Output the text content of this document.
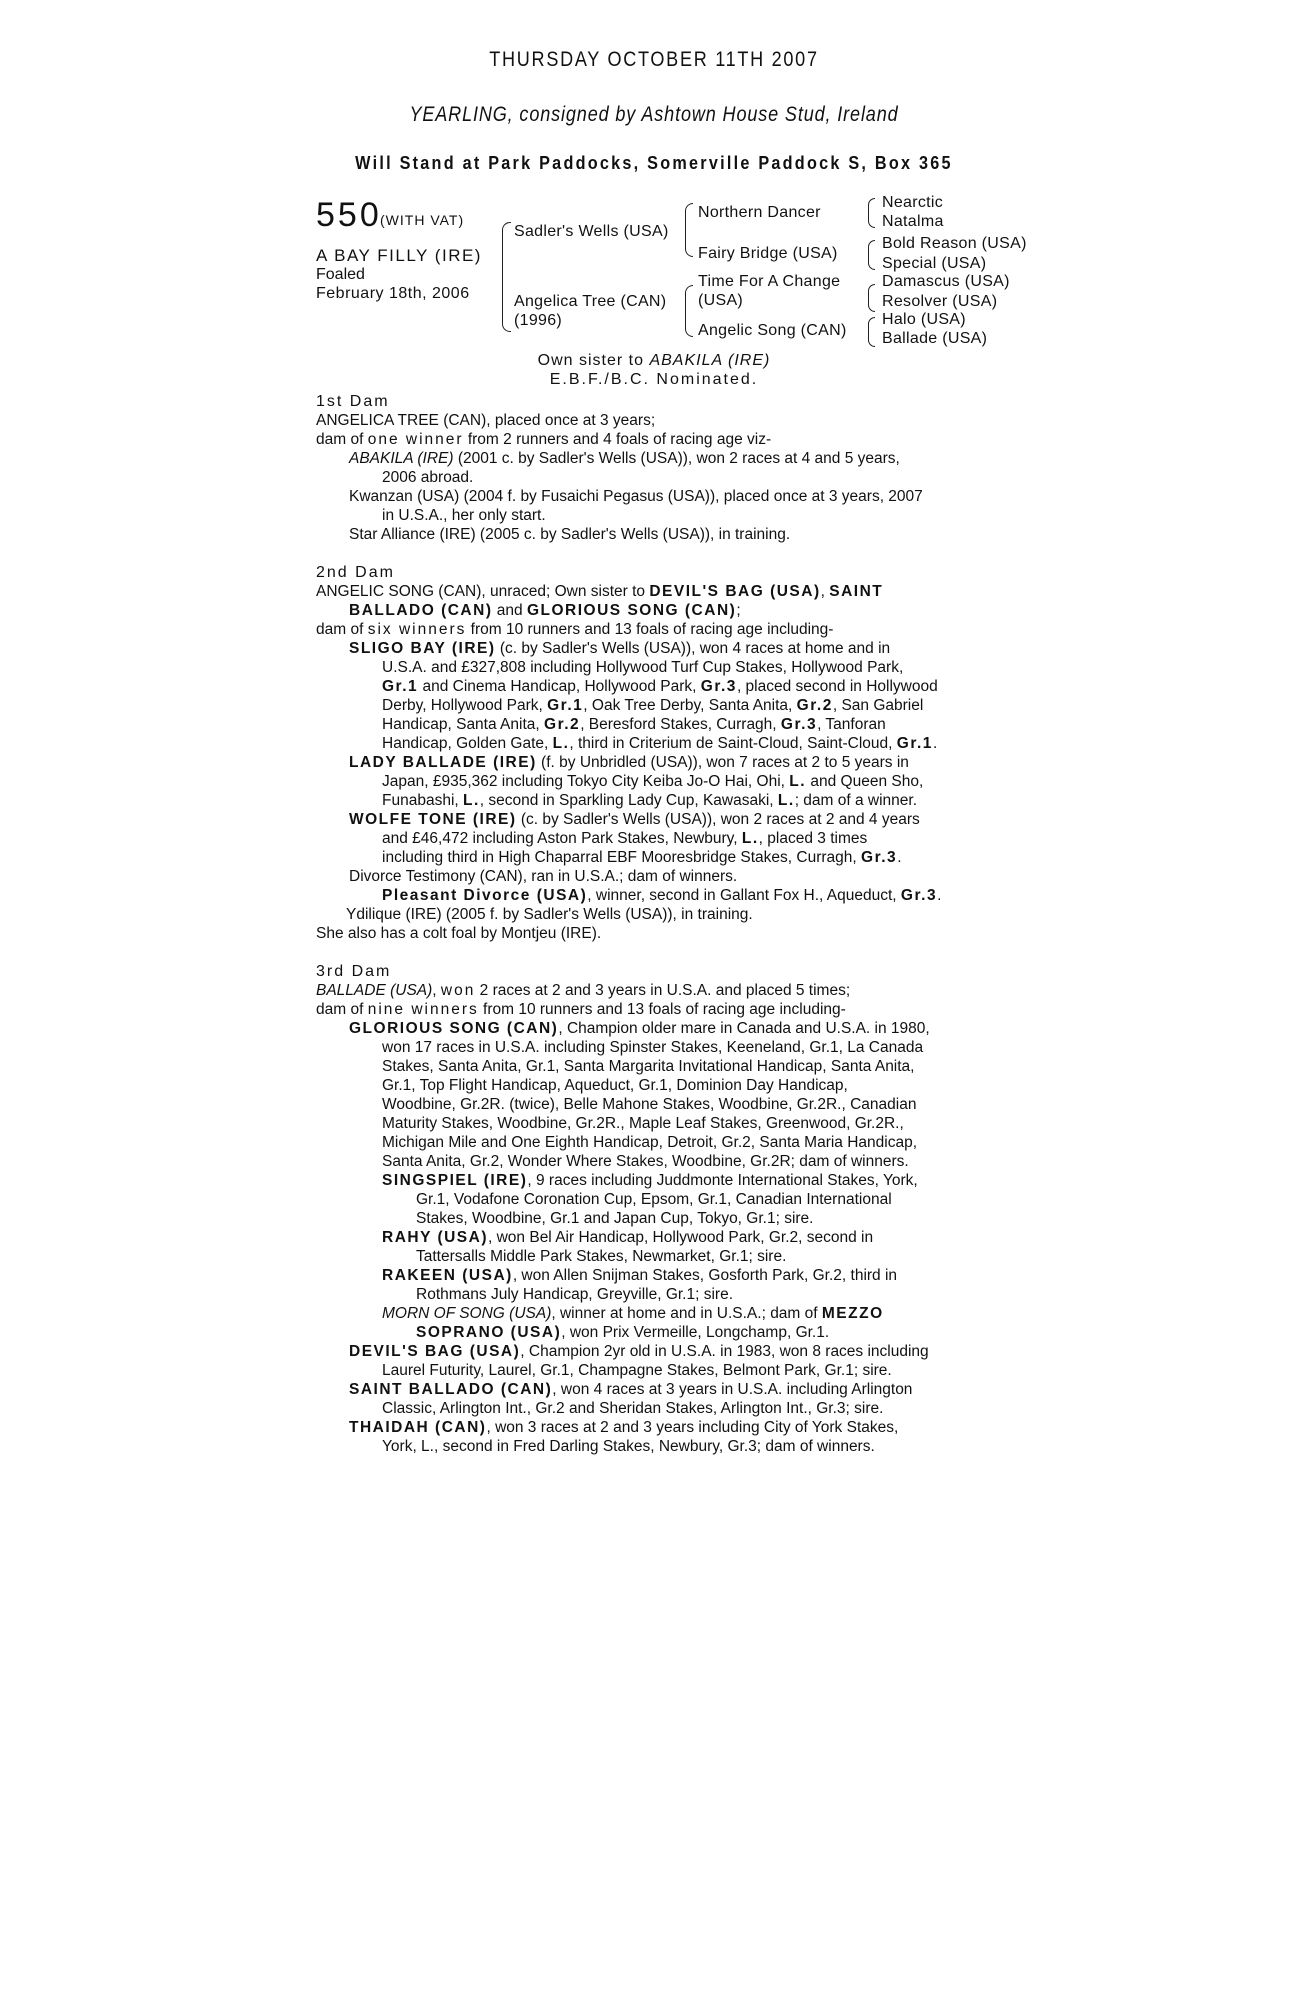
THURSDAY OCTOBER 11TH 2007
YEARLING, consigned by Ashtown House Stud, Ireland
Will Stand at Park Paddocks, Somerville Paddock S, Box 365
550
(WITH VAT)
A BAY FILLY (IRE)
Foaled
February 18th, 2006
Sadler's Wells (USA)
Angelica Tree (CAN)
(1996)
Northern Dancer
Fairy Bridge (USA)
Time For A Change
(USA)
Angelic Song (CAN)
Nearctic
Natalma
Bold Reason (USA)
Special (USA)
Damascus (USA)
Resolver (USA)
Halo (USA)
Ballade (USA)
Own sister to ABAKILA (IRE)
E.B.F./B.C. Nominated.
1st Dam
ANGELICA TREE (CAN), placed once at 3 years;
dam of one winner from 2 runners and 4 foals of racing age viz-
ABAKILA (IRE) (2001 c. by Sadler's Wells (USA)), won 2 races at 4 and 5 years,
2006 abroad.
Kwanzan (USA) (2004 f. by Fusaichi Pegasus (USA)), placed once at 3 years, 2007
in U.S.A., her only start.
Star Alliance (IRE) (2005 c. by Sadler's Wells (USA)), in training.
2nd Dam
ANGELIC SONG (CAN), unraced; Own sister to DEVIL'S BAG (USA), SAINT
BALLADO (CAN) and GLORIOUS SONG (CAN);
dam of six winners from 10 runners and 13 foals of racing age including-
SLIGO BAY (IRE) (c. by Sadler's Wells (USA)), won 4 races at home and in
U.S.A. and £327,808 including Hollywood Turf Cup Stakes, Hollywood Park,
Gr.1 and Cinema Handicap, Hollywood Park, Gr.3, placed second in Hollywood
Derby, Hollywood Park, Gr.1, Oak Tree Derby, Santa Anita, Gr.2, San Gabriel
Handicap, Santa Anita, Gr.2, Beresford Stakes, Curragh, Gr.3, Tanforan
Handicap, Golden Gate, L., third in Criterium de Saint-Cloud, Saint-Cloud, Gr.1.
LADY BALLADE (IRE) (f. by Unbridled (USA)), won 7 races at 2 to 5 years in
Japan, £935,362 including Tokyo City Keiba Jo-O Hai, Ohi, L. and Queen Sho,
Funabashi, L., second in Sparkling Lady Cup, Kawasaki, L.; dam of a winner.
WOLFE TONE (IRE) (c. by Sadler's Wells (USA)), won 2 races at 2 and 4 years
and £46,472 including Aston Park Stakes, Newbury, L., placed 3 times
including third in High Chaparral EBF Mooresbridge Stakes, Curragh, Gr.3.
Divorce Testimony (CAN), ran in U.S.A.; dam of winners.
Pleasant Divorce (USA), winner, second in Gallant Fox H., Aqueduct, Gr.3.
Ydilique (IRE) (2005 f. by Sadler's Wells (USA)), in training.
She also has a colt foal by Montjeu (IRE).
3rd Dam
BALLADE (USA), won 2 races at 2 and 3 years in U.S.A. and placed 5 times;
dam of nine winners from 10 runners and 13 foals of racing age including-
GLORIOUS SONG (CAN), Champion older mare in Canada and U.S.A. in 1980,
won 17 races in U.S.A. including Spinster Stakes, Keeneland, Gr.1, La Canada
Stakes, Santa Anita, Gr.1, Santa Margarita Invitational Handicap, Santa Anita,
Gr.1, Top Flight Handicap, Aqueduct, Gr.1, Dominion Day Handicap,
Woodbine, Gr.2R. (twice), Belle Mahone Stakes, Woodbine, Gr.2R., Canadian
Maturity Stakes, Woodbine, Gr.2R., Maple Leaf Stakes, Greenwood, Gr.2R.,
Michigan Mile and One Eighth Handicap, Detroit, Gr.2, Santa Maria Handicap,
Santa Anita, Gr.2, Wonder Where Stakes, Woodbine, Gr.2R; dam of winners.
SINGSPIEL (IRE), 9 races including Juddmonte International Stakes, York,
Gr.1, Vodafone Coronation Cup, Epsom, Gr.1, Canadian International
Stakes, Woodbine, Gr.1 and Japan Cup, Tokyo, Gr.1; sire.
RAHY (USA), won Bel Air Handicap, Hollywood Park, Gr.2, second in
Tattersalls Middle Park Stakes, Newmarket, Gr.1; sire.
RAKEEN (USA), won Allen Snijman Stakes, Gosforth Park, Gr.2, third in
Rothmans July Handicap, Greyville, Gr.1; sire.
MORN OF SONG (USA), winner at home and in U.S.A.; dam of MEZZO
SOPRANO (USA), won Prix Vermeille, Longchamp, Gr.1.
DEVIL'S BAG (USA), Champion 2yr old in U.S.A. in 1983, won 8 races including
Laurel Futurity, Laurel, Gr.1, Champagne Stakes, Belmont Park, Gr.1; sire.
SAINT BALLADO (CAN), won 4 races at 3 years in U.S.A. including Arlington
Classic, Arlington Int., Gr.2 and Sheridan Stakes, Arlington Int., Gr.3; sire.
THAIDAH (CAN), won 3 races at 2 and 3 years including City of York Stakes,
York, L., second in Fred Darling Stakes, Newbury, Gr.3; dam of winners.
